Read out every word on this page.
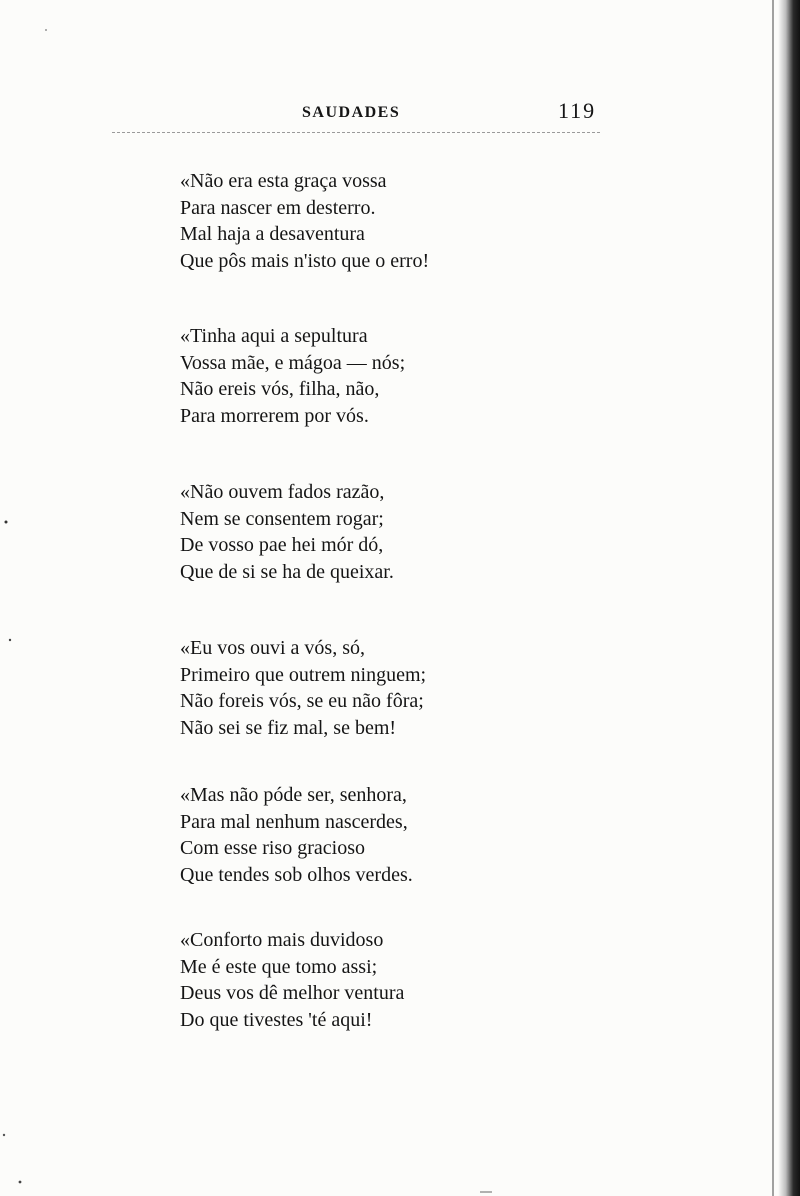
SAUDADES	119
«Não era esta graça vossa
Para nascer em desterro.
Mal haja a desaventura
Que pôs mais n'isto que o erro!
«Tinha aqui a sepultura
Vossa mãe, e mágoa — nós;
Não ereis vós, filha, não,
Para morrerem por vós.
«Não ouvem fados razão,
Nem se consentem rogar;
De vosso pae hei mór dó,
Que de si se ha de queixar.
«Eu vos ouvi a vós, só,
Primeiro que outrem ninguem;
Não foreis vós, se eu não fôra;
Não sei se fiz mal, se bem!
«Mas não póde ser, senhora,
Para mal nenhum nascerdes,
Com esse riso gracioso
Que tendes sob olhos verdes.
«Conforto mais duvidoso
Me é este que tomo assi;
Deus vos dê melhor ventura
Do que tivestes 'té aqui!
